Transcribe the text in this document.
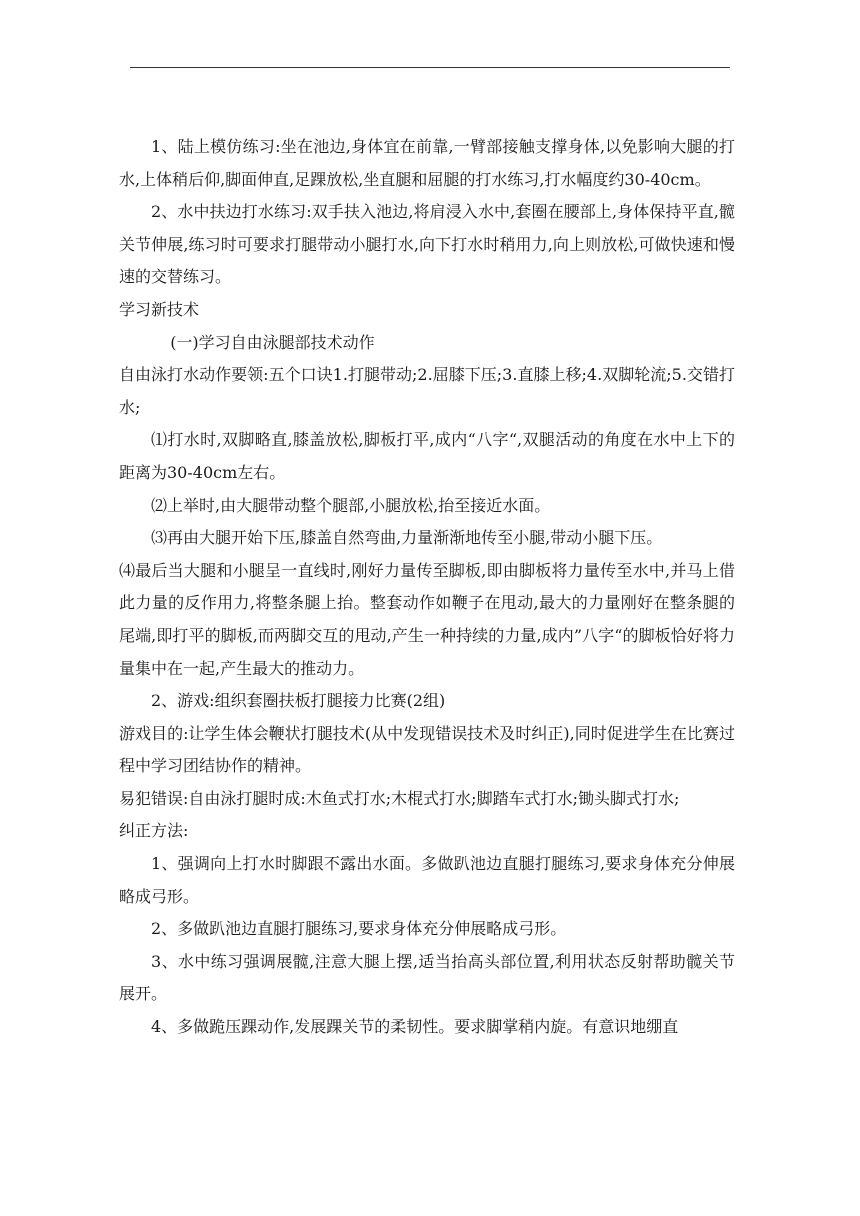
1、陆上模仿练习:坐在池边,身体宜在前靠,一臂部接触支撑身体,以免影响大腿的打水,上体稍后仰,脚面伸直,足踝放松,坐直腿和屈腿的打水练习,打水幅度约30-40cm。

2、水中扶边打水练习:双手扶入池边,将肩浸入水中,套圈在腰部上,身体保持平直,髋关节伸展,练习时可要求打腿带动小腿打水,向下打水时稍用力,向上则放松,可做快速和慢速的交替练习。

学习新技术

(一)学习自由泳腿部技术动作

自由泳打水动作要领:五个口诀1.打腿带动;2.屈膝下压;3.直膝上移;4.双脚轮流;5.交错打水;

⑴打水时,双脚略直,膝盖放松,脚板打平,成内“八字“,双腿活动的角度在水中上下的距离为30-40cm左右。

⑵上举时,由大腿带动整个腿部,小腿放松,抬至接近水面。

⑶再由大腿开始下压,膝盖自然弯曲,力量渐渐地传至小腿,带动小腿下压。

⑷最后当大腿和小腿呈一直线时,刚好力量传至脚板,即由脚板将力量传至水中,并马上借此力量的反作用力,将整条腿上抬。整套动作如鞭子在甩动,最大的力量刚好在整条腿的尾端,即打平的脚板,而两脚交互的甩动,产生一种持续的力量,成内”八字“的脚板恰好将力量集中在一起,产生最大的推动力。

2、游戏:组织套圈扶板打腿接力比赛(2组)

游戏目的:让学生体会鞭状打腿技术(从中发现错误技术及时纠正),同时促进学生在比赛过程中学习团结协作的精神。

易犯错误:自由泳打腿时成:木鱼式打水;木棍式打水;脚踏车式打水;锄头脚式打水;

纠正方法:

1、强调向上打水时脚跟不露出水面。多做趴池边直腿打腿练习,要求身体充分伸展略成弓形。

2、多做趴池边直腿打腿练习,要求身体充分伸展略成弓形。

3、水中练习强调展髋,注意大腿上摆,适当抬高头部位置,利用状态反射帮助髋关节展开。

4、多做跪压踝动作,发展踝关节的柔韧性。要求脚掌稍内旋。有意识地绷直
